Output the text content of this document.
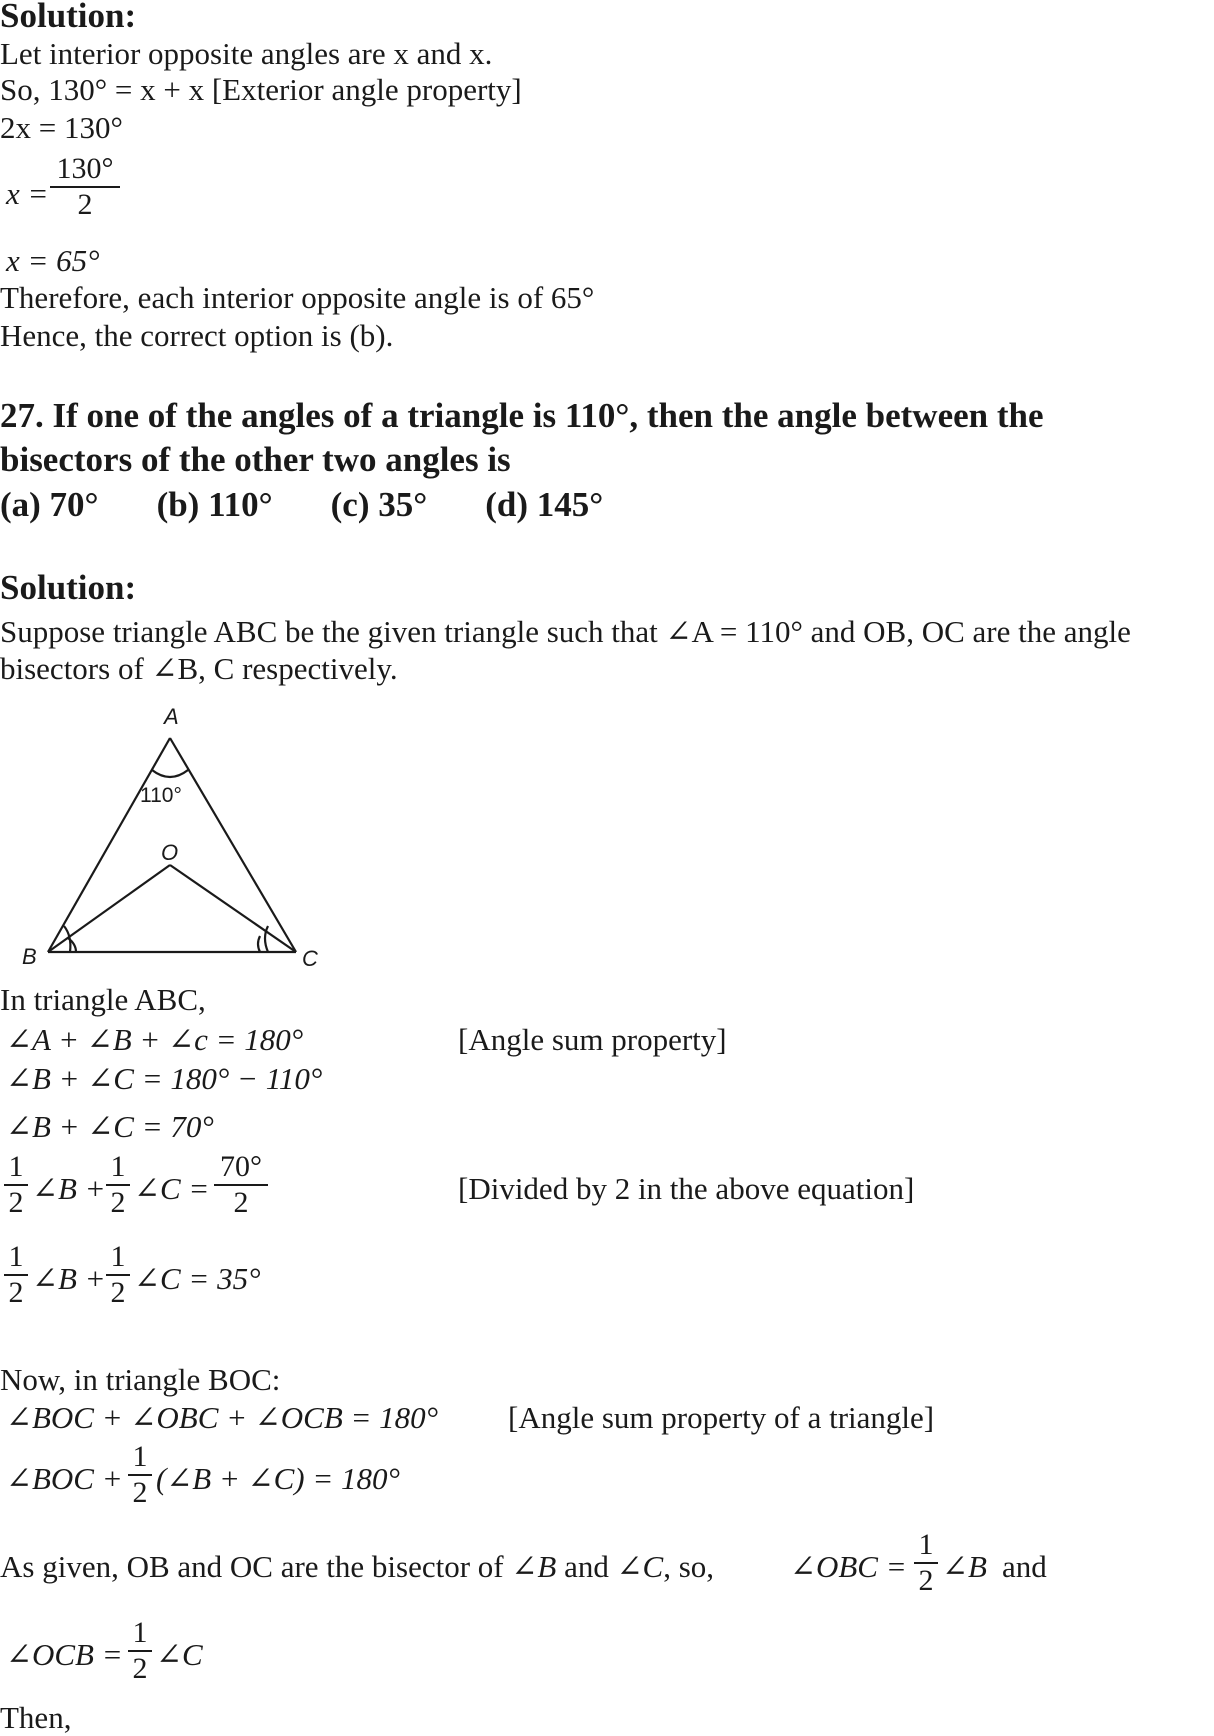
Solution:
Let interior opposite angles are x and x.
So, 130° = x + x [Exterior angle property]
2x = 130°
x =
130°
2
x = 65°
Therefore, each interior opposite angle is of 65°
Hence, the correct option is (b).
27. If one of the angles of a triangle is 110°, then the angle between the
bisectors of the other two angles is
(a) 70° (b) 110° (c) 35° (d) 145°
Solution:
Suppose triangle ABC be the given triangle such that ∠A = 110° and OB, OC are the angle
bisectors of ∠B, C respectively.
A
110°
O
B	C
In triangle ABC,
∠A + ∠B + ∠c = 180°	[Angle sum property]
∠B + ∠C = 180° − 110°
∠B + ∠C = 70°
1
2 ∠B +
1
2 ∠C =
70°
2	[Divided by 2 in the above equation]
1
2 ∠B +
1
2 ∠C = 35°
Now, in triangle BOC:
∠BOC + ∠OBC + ∠OCB = 180° [Angle sum property of a triangle]
∠BOC +
1
2 (∠B + ∠C) = 180°
As given, OB and OC are the bisector of ∠B and ∠C, so, ∠OBC =
1
2 ∠B and
∠OCB =
1
2 ∠C
Then,
